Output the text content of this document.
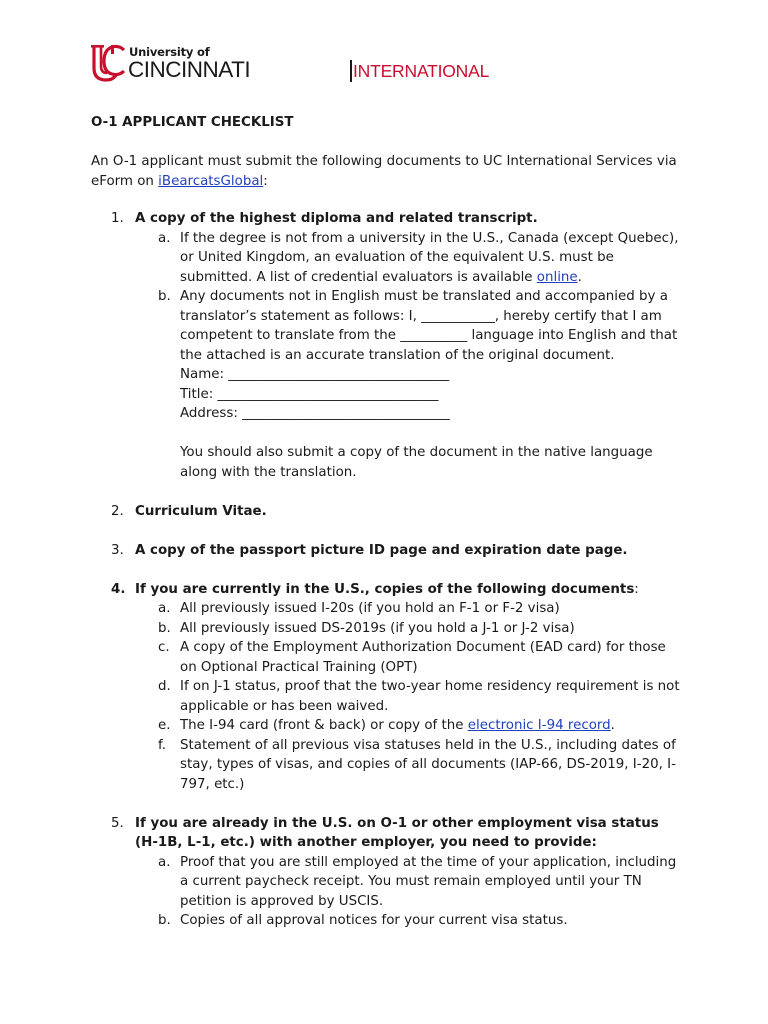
University of
CINCINNATI	INTERNATIONAL
O-1 APPLICANT CHECKLIST
An O-1 applicant must submit the following documents to UC International Services via eForm on iBearcatsGlobal:
1. A copy of the highest diploma and related transcript.
a. If the degree is not from a university in the U.S., Canada (except Quebec), or United Kingdom, an evaluation of the equivalent U.S. must be submitted. A list of credential evaluators is available online.
b. Any documents not in English must be translated and accompanied by a translator’s statement as follows: I, ___________, hereby certify that I am competent to translate from the __________ language into English and that the attached is an accurate translation of the original document.
Name: _________________________________
Title: _________________________________
Address: _______________________________
You should also submit a copy of the document in the native language along with the translation.
2. Curriculum Vitae.
3. A copy of the passport picture ID page and expiration date page.
4. If you are currently in the U.S., copies of the following documents:
a. All previously issued I-20s (if you hold an F-1 or F-2 visa)
b. All previously issued DS-2019s (if you hold a J-1 or J-2 visa)
c. A copy of the Employment Authorization Document (EAD card) for those on Optional Practical Training (OPT)
d. If on J-1 status, proof that the two-year home residency requirement is not applicable or has been waived.
e. The I-94 card (front & back) or copy of the electronic I-94 record.
f. Statement of all previous visa statuses held in the U.S., including dates of stay, types of visas, and copies of all documents (IAP-66, DS-2019, I-20, I-797, etc.)
5. If you are already in the U.S. on O-1 or other employment visa status (H-1B, L-1, etc.) with another employer, you need to provide:
a. Proof that you are still employed at the time of your application, including a current paycheck receipt. You must remain employed until your TN petition is approved by USCIS.
b. Copies of all approval notices for your current visa status.
